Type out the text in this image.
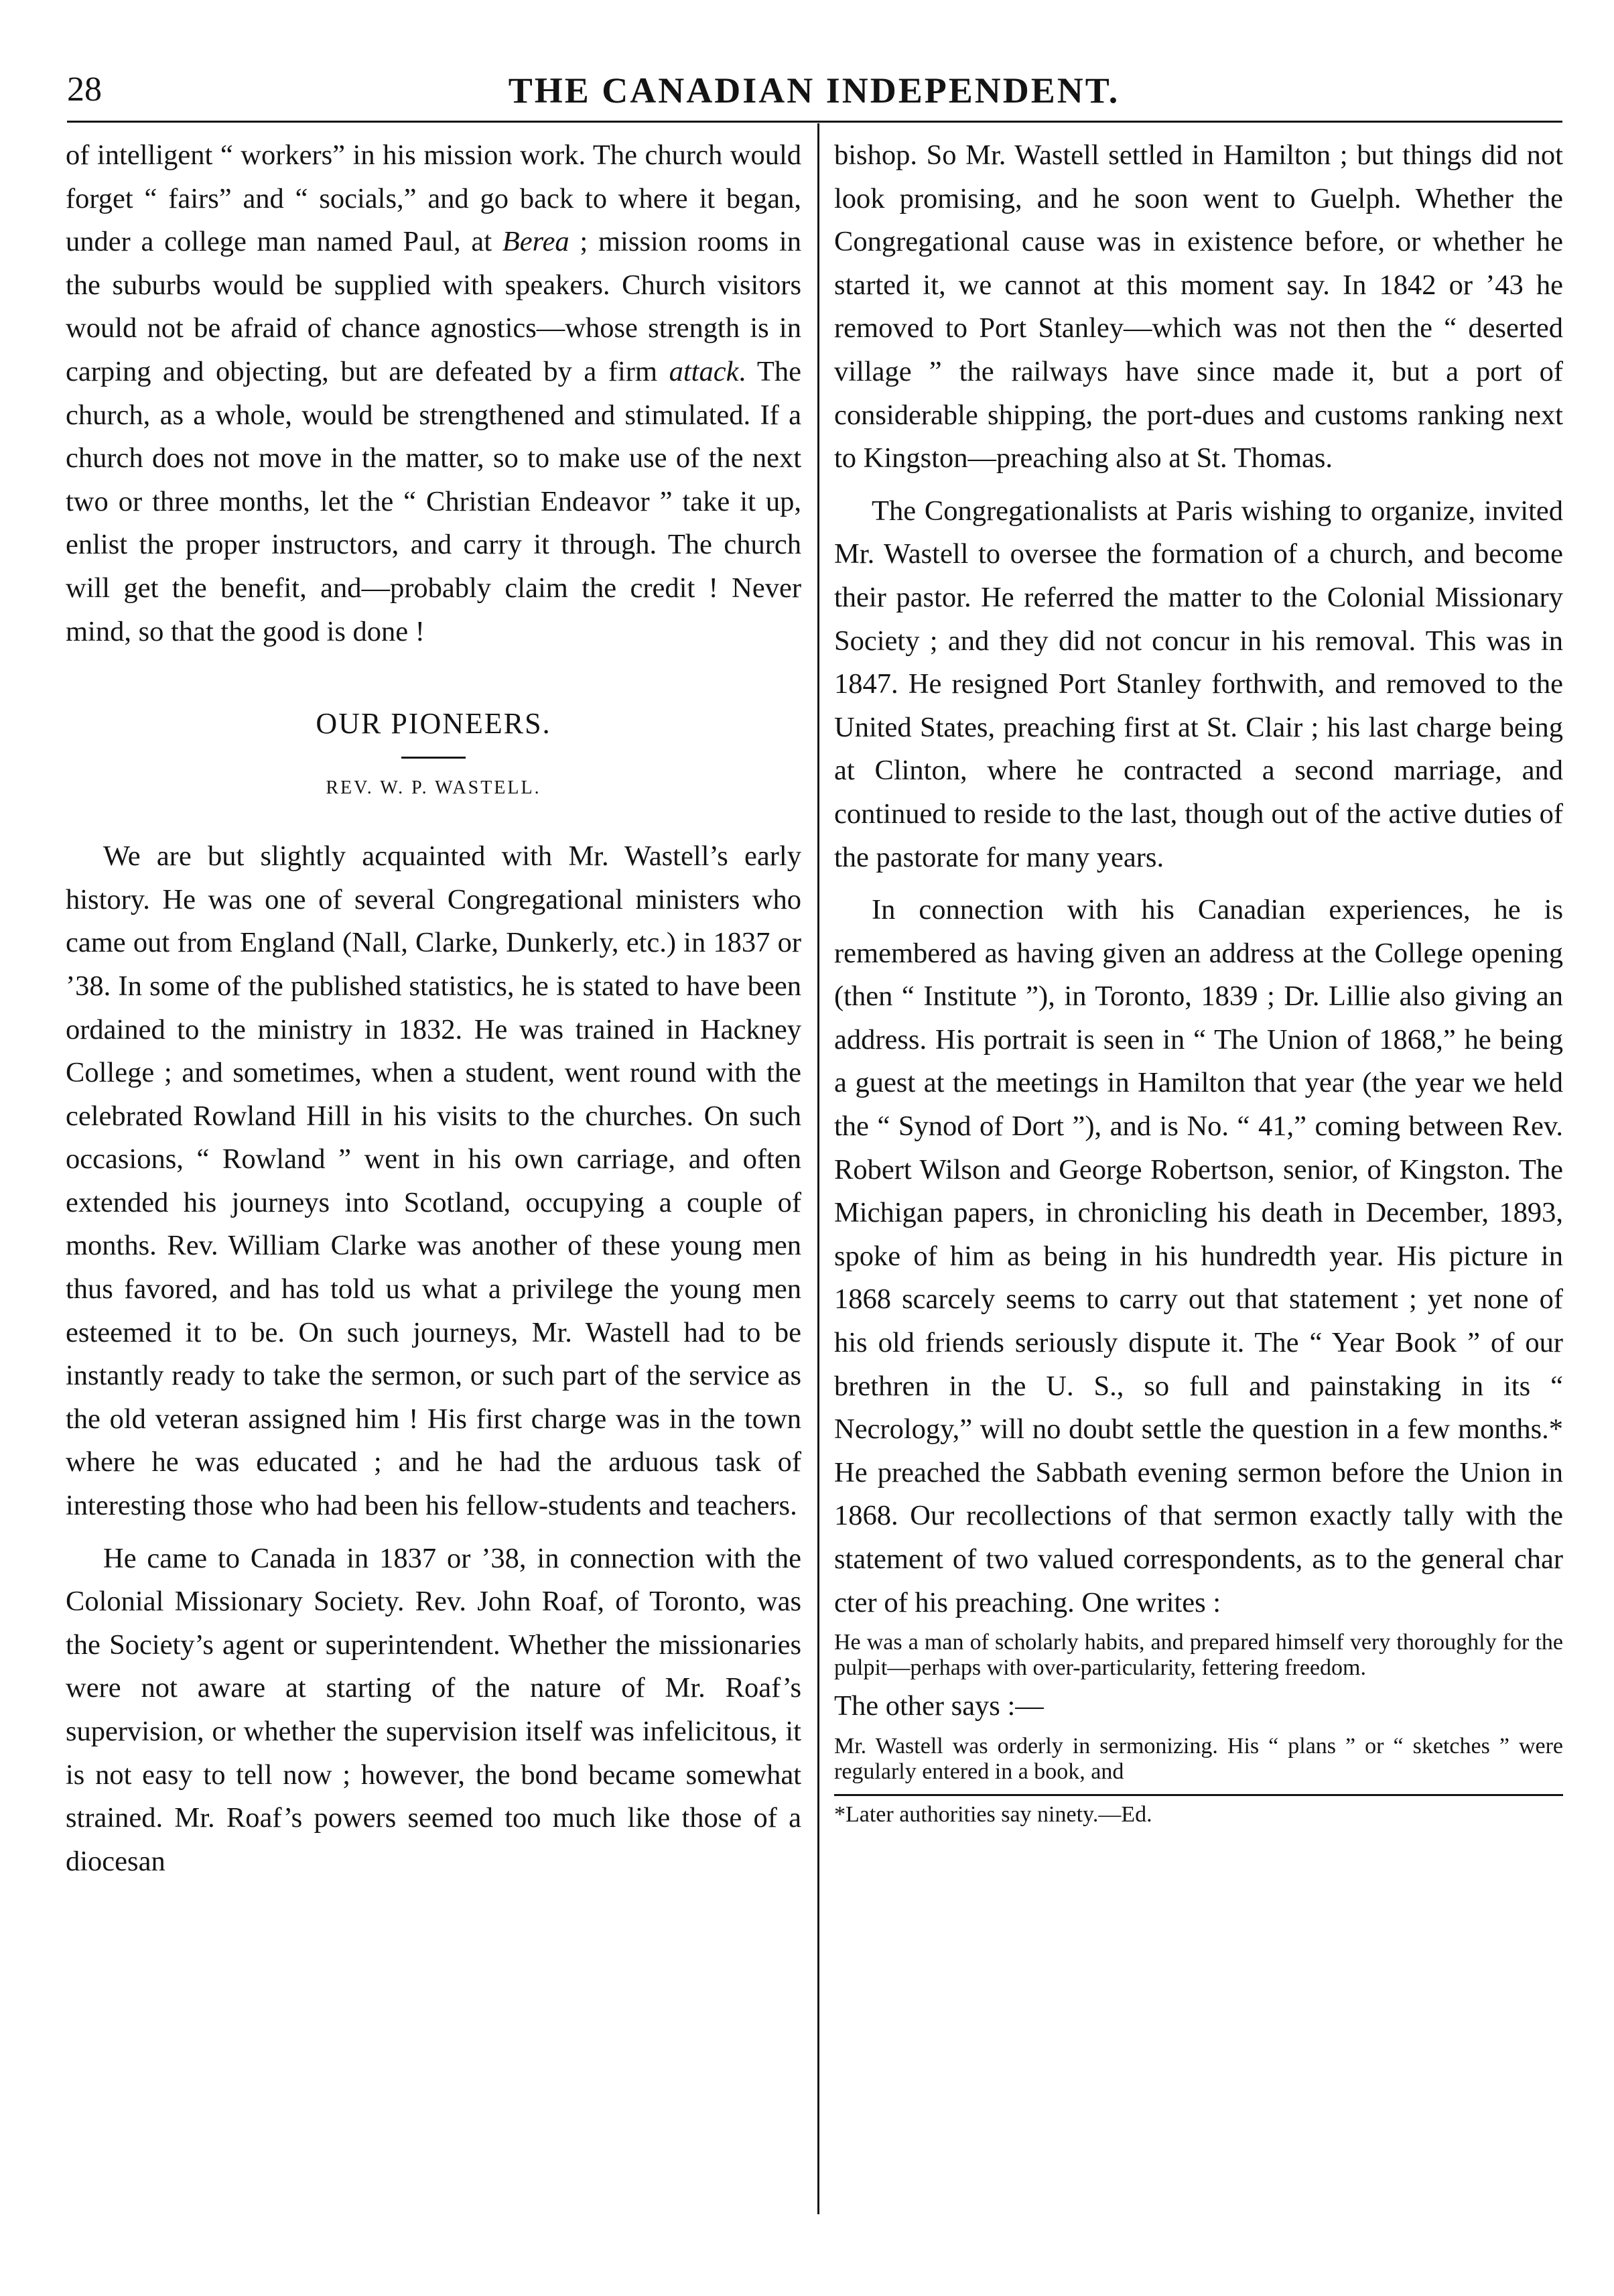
28	THE CANADIAN INDEPENDENT.

of intelligent “ workers” in his mission work. The church would forget “ fairs” and “ socials,” and go back to where it began, under a college man named Paul, at Berea ; mission rooms in the suburbs would be supplied with speakers. Church visitors would not be afraid of chance agnostics—whose strength is in carping and objecting, but are defeated by a firm attack. The church, as a whole, would be strengthened and stimulated. If a church does not move in the matter, so to make use of the next two or three months, let the “ Christian Endeavor ” take it up, enlist the proper instructors, and carry it through. The church will get the benefit, and—probably claim the credit ! Never mind, so that the good is done !

OUR PIONEERS.
REV. W. P. WASTELL.

We are but slightly acquainted with Mr. Wastell’s early history. He was one of several Congregational ministers who came out from England (Nall, Clarke, Dunkerly, etc.) in 1837 or ’38. In some of the published statistics, he is stated to have been ordained to the ministry in 1832. He was trained in Hackney College ; and sometimes, when a student, went round with the celebrated Rowland Hill in his visits to the churches. On such occasions, “ Rowland ” went in his own carriage, and often extended his journeys into Scotland, occupying a couple of months. Rev. William Clarke was another of these young men thus favored, and has told us what a privilege the young men esteemed it to be. On such journeys, Mr. Wastell had to be instantly ready to take the sermon, or such part of the service as the old veteran assigned him ! His first charge was in the town where he was educated ; and he had the arduous task of interesting those who had been his fellow-students and teachers.

He came to Canada in 1837 or ’38, in connection with the Colonial Missionary Society. Rev. John Roaf, of Toronto, was the Society’s agent or superintendent. Whether the missionaries were not aware at starting of the nature of Mr. Roaf’s supervision, or whether the supervision itself was infelicitous, it is not easy to tell now ; however, the bond became somewhat strained. Mr. Roaf’s powers seemed too much like those of a diocesan

bishop. So Mr. Wastell settled in Hamilton ; but things did not look promising, and he soon went to Guelph. Whether the Congregational cause was in existence before, or whether he started it, we cannot at this moment say. In 1842 or ’43 he removed to Port Stanley—which was not then the “ deserted village ” the railways have since made it, but a port of considerable shipping, the port-dues and customs ranking next to Kingston—preaching also at St. Thomas.

The Congregationalists at Paris wishing to organize, invited Mr. Wastell to oversee the formation of a church, and become their pastor. He referred the matter to the Colonial Missionary Society ; and they did not concur in his removal. This was in 1847. He resigned Port Stanley forthwith, and removed to the United States, preaching first at St. Clair ; his last charge being at Clinton, where he contracted a second marriage, and continued to reside to the last, though out of the active duties of the pastorate for many years.

In connection with his Canadian experiences, he is remembered as having given an address at the College opening (then “ Institute ”), in Toronto, 1839 ; Dr. Lillie also giving an address. His portrait is seen in “ The Union of 1868,” he being a guest at the meetings in Hamilton that year (the year we held the “ Synod of Dort ”), and is No. “ 41,” coming between Rev. Robert Wilson and George Robertson, senior, of Kingston. The Michigan papers, in chronicling his death in December, 1893, spoke of him as being in his hundredth year. His picture in 1868 scarcely seems to carry out that statement ; yet none of his old friends seriously dispute it. The “ Year Book ” of our brethren in the U. S., so full and painstaking in its “ Necrology,” will no doubt settle the question in a few months.* He preached the Sabbath evening sermon before the Union in 1868. Our recollections of that sermon exactly tally with the statement of two valued correspondents, as to the general char cter of his preaching. One writes :

He was a man of scholarly habits, and prepared himself very thoroughly for the pulpit—perhaps with over-particularity, fettering freedom.

The other says :—

Mr. Wastell was orderly in sermonizing. His “ plans ” or “ sketches ” were regularly entered in a book, and

*Later authorities say ninety.—Ed.
